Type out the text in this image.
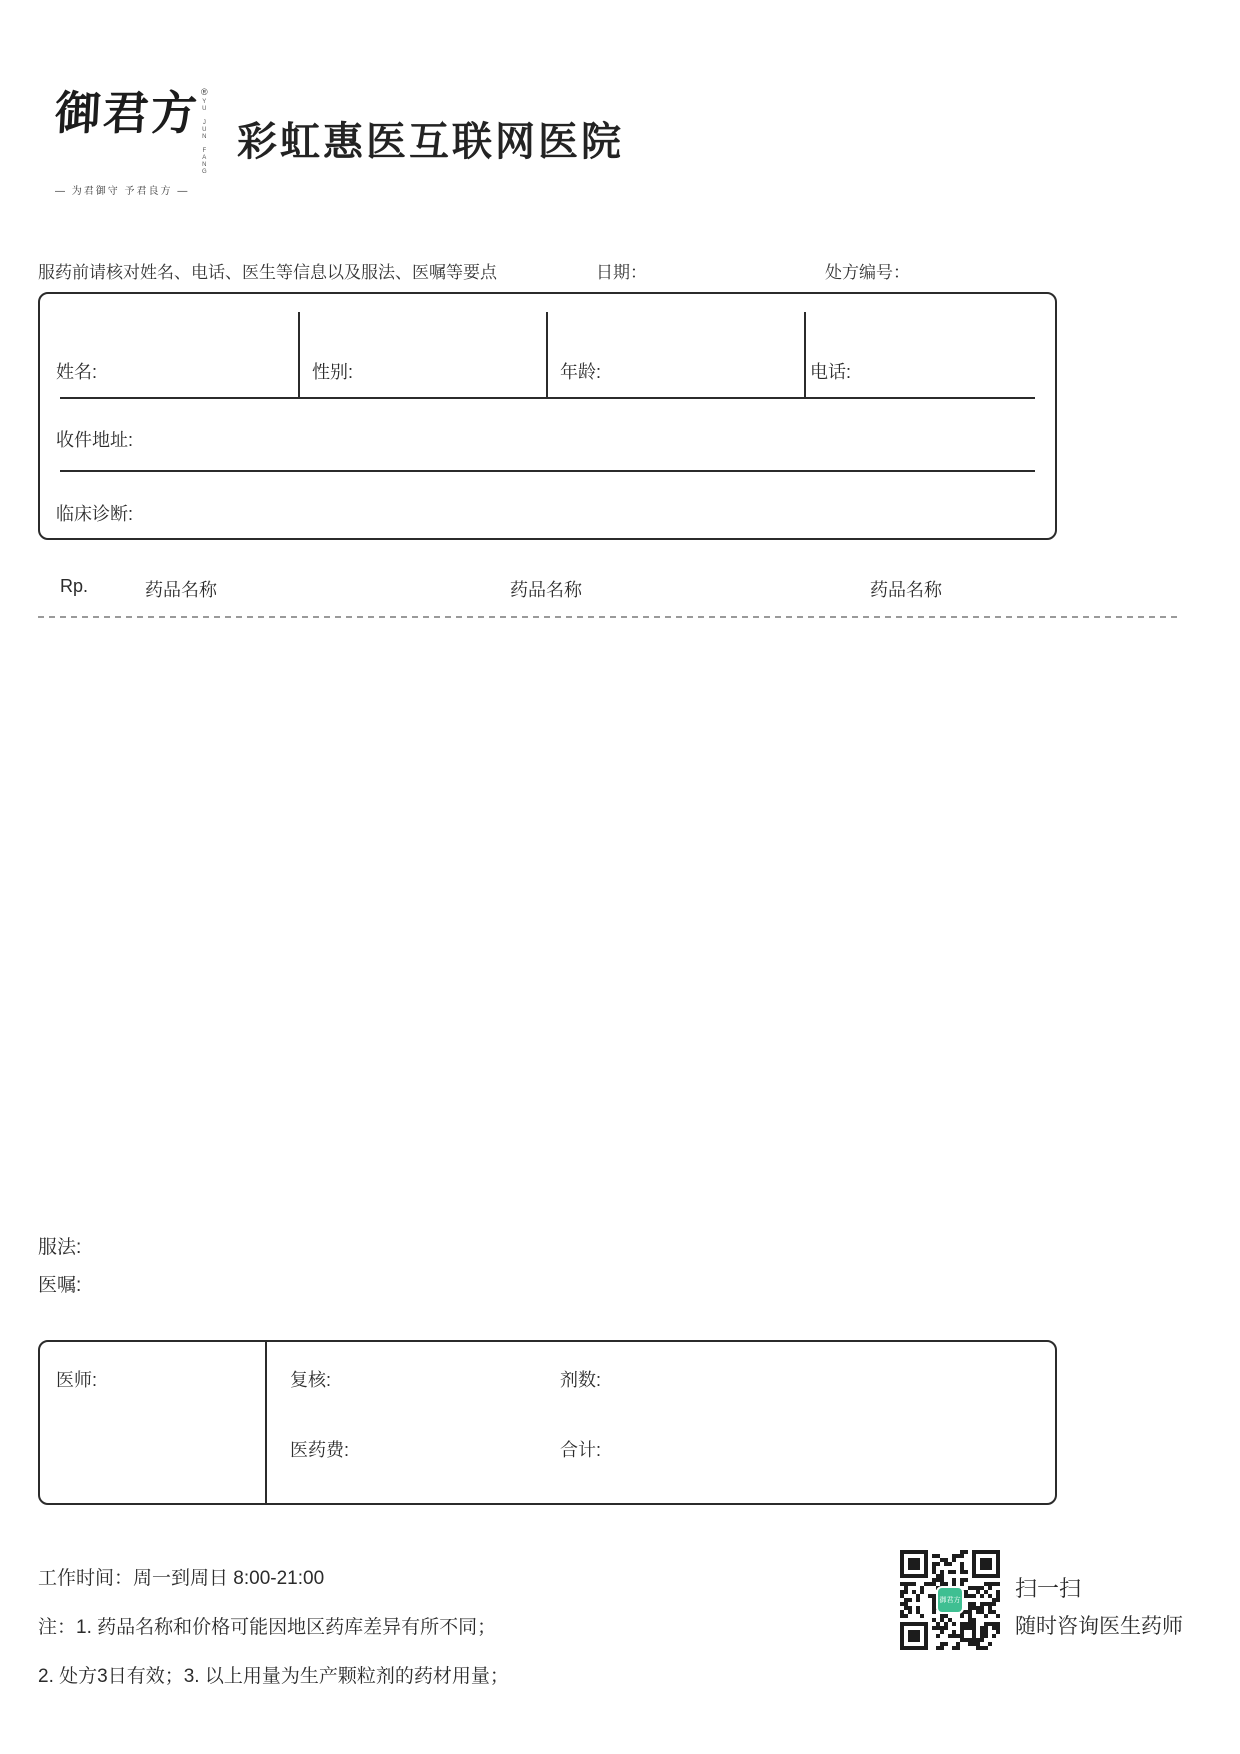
御君方 ®
YU JUN FANG
— 为君御守 予君良方 —
彩虹惠医互联网医院
服药前请核对姓名、电话、医生等信息以及服法、医嘱等要点	日期：	处方编号：
姓名:	性别:	年龄:	电话:
收件地址:
临床诊断:
Rp.	药品名称	药品名称	药品名称
服法:
医嘱:
医师:	复核:	剂数:
医药费:	合计:
工作时间：周一到周日 8:00-21:00
注：1. 药品名称和价格可能因地区药库差异有所不同；
2. 处方3日有效；3. 以上用量为生产颗粒剂的药材用量；
御君方 扫一扫
随时咨询医生药师
